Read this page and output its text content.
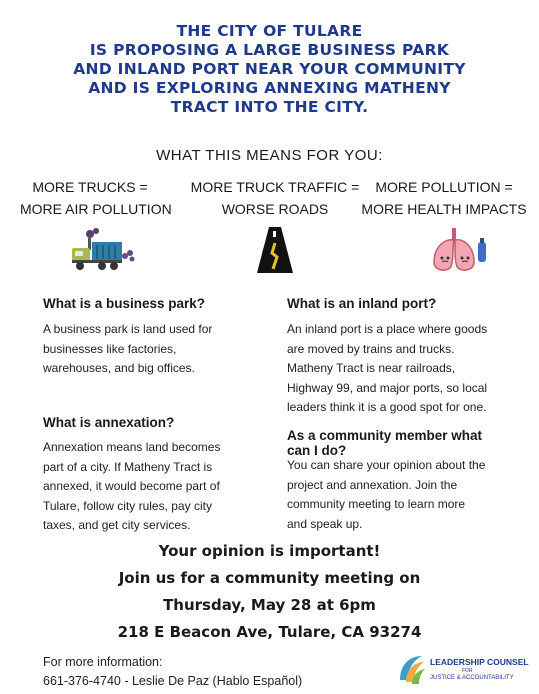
THE CITY OF TULARE
IS PROPOSING A LARGE BUSINESS PARK
AND INLAND PORT NEAR YOUR COMMUNITY
AND IS EXPLORING ANNEXING MATHENY
TRACT INTO THE CITY.
WHAT THIS MEANS FOR YOU:
MORE TRUCKS =
MORE AIR POLLUTION
MORE TRUCK TRAFFIC =
WORSE ROADS
MORE POLLUTION =
MORE HEALTH IMPACTS
What is a business park?
A business park is land used for
businesses like factories,
warehouses, and big offices.
What is annexation?
Annexation means land becomes
part of a city. If Matheny Tract is
annexed, it would become part of
Tulare, follow city rules, pay city
taxes, and get city services.
What is an inland port?
An inland port is a place where goods
are moved by trains and trucks.
Matheny Tract is near railroads,
Highway 99, and major ports, so local
leaders think it is a good spot for one.
As a community member what
can I do?
You can share your opinion about the
project and annexation. Join the
community meeting to learn more
and speak up.
Your opinion is important!
Join us for a community meeting on
Thursday, May 28 at 6pm
218 E Beacon Ave, Tulare, CA 93274
For more information:
661-376-4740 - Leslie De Paz (Hablo Español)
LEADERSHIP COUNSEL
FOR
JUSTICE & ACCOUNTABILITY
